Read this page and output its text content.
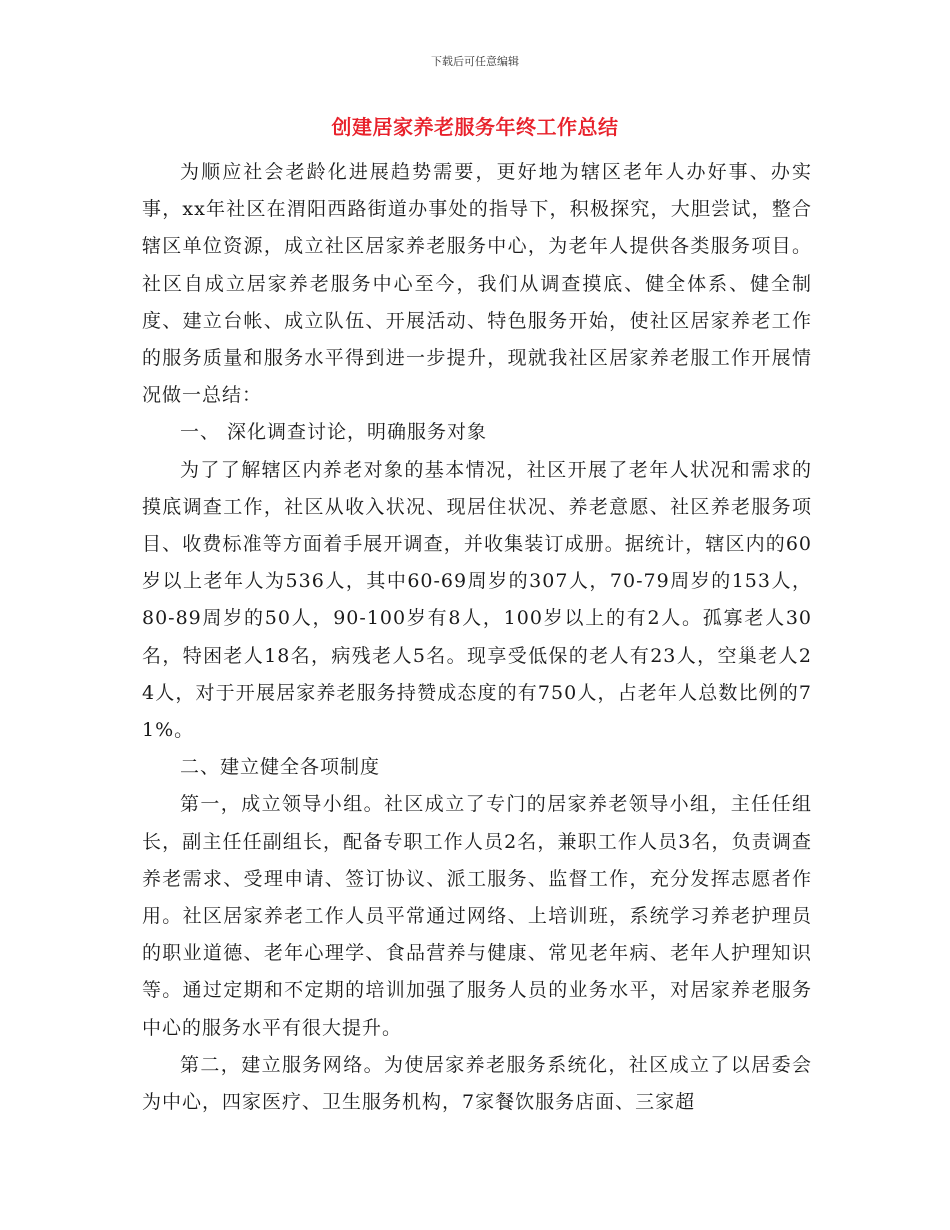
下载后可任意编辑
创建居家养老服务年终工作总结

为顺应社会老龄化进展趋势需要，更好地为辖区老年人办好事、办实事，xx年社区在渭阳西路街道办事处的指导下，积极探究，大胆尝试，整合辖区单位资源，成立社区居家养老服务中心，为老年人提供各类服务项目。社区自成立居家养老服务中心至今，我们从调查摸底、健全体系、健全制度、建立台帐、成立队伍、开展活动、特色服务开始，使社区居家养老工作的服务质量和服务水平得到进一步提升，现就我社区居家养老服工作开展情况做一总结：

一、 深化调查讨论，明确服务对象

为了了解辖区内养老对象的基本情况，社区开展了老年人状况和需求的摸底调查工作，社区从收入状况、现居住状况、养老意愿、社区养老服务项目、收费标准等方面着手展开调查，并收集装订成册。据统计，辖区内的60岁以上老年人为536人，其中60-69周岁的307人，70-79周岁的153人，80-89周岁的50人，90-100岁有8人，100岁以上的有2人。孤寡老人30名，特困老人18名，病残老人5名。现享受低保的老人有23人，空巢老人24人，对于开展居家养老服务持赞成态度的有750人，占老年人总数比例的71%。

二、建立健全各项制度

第一，成立领导小组。社区成立了专门的居家养老领导小组，主任任组长，副主任任副组长，配备专职工作人员2名，兼职工作人员3名，负责调查养老需求、受理申请、签订协议、派工服务、监督工作，充分发挥志愿者作用。社区居家养老工作人员平常通过网络、上培训班，系统学习养老护理员的职业道德、老年心理学、食品营养与健康、常见老年病、老年人护理知识等。通过定期和不定期的培训加强了服务人员的业务水平，对居家养老服务中心的服务水平有很大提升。

第二，建立服务网络。为使居家养老服务系统化，社区成立了以居委会为中心，四家医疗、卫生服务机构，7家餐饮服务店面、三家超
